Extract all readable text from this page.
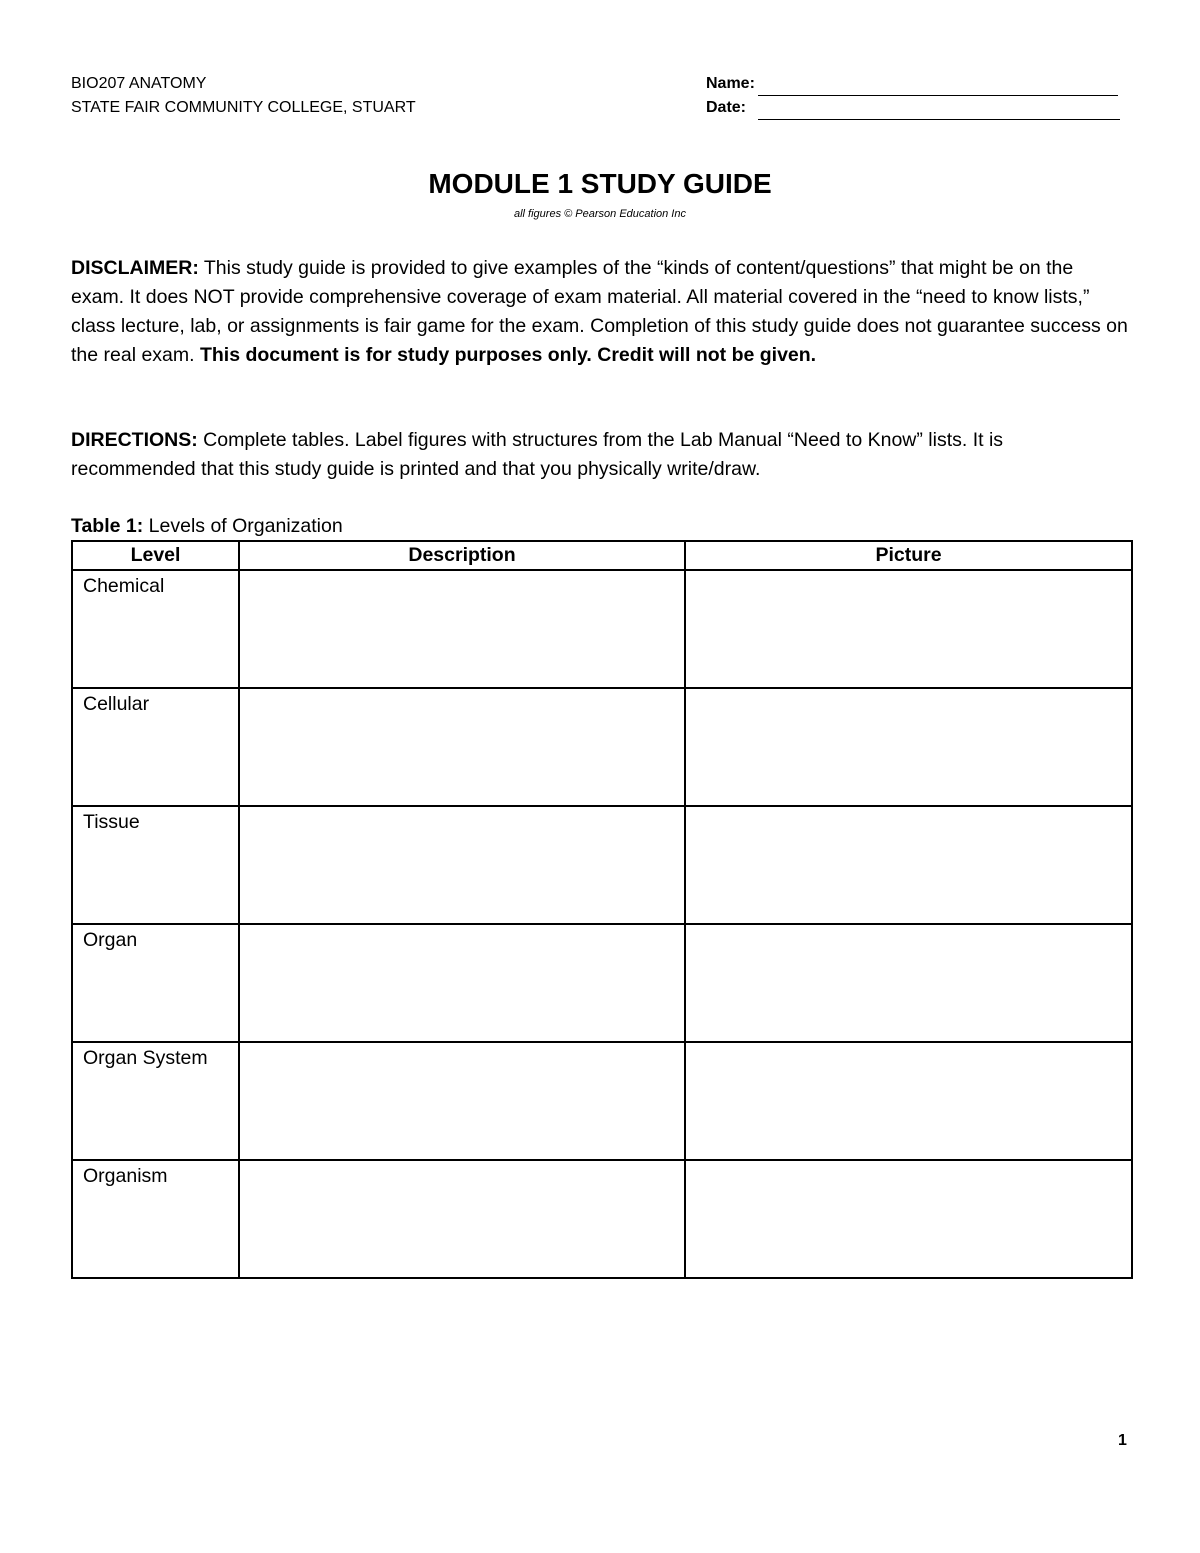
BIO207 ANATOMY
STATE FAIR COMMUNITY COLLEGE, STUART
Name:
Date:
MODULE 1 STUDY GUIDE
all figures © Pearson Education Inc

DISCLAIMER: This study guide is provided to give examples of the “kinds of content/questions” that might be on the exam. It does NOT provide comprehensive coverage of exam material. All material covered in the “need to know lists,” class lecture, lab, or assignments is fair game for the exam. Completion of this study guide does not guarantee success on the real exam. This document is for study purposes only. Credit will not be given.

DIRECTIONS: Complete tables. Label figures with structures from the Lab Manual “Need to Know” lists. It is recommended that this study guide is printed and that you physically write/draw.

Table 1: Levels of Organization
Level	Description	Picture
Chemical		
Cellular		
Tissue		
Organ		
Organ System		
Organism		
1
